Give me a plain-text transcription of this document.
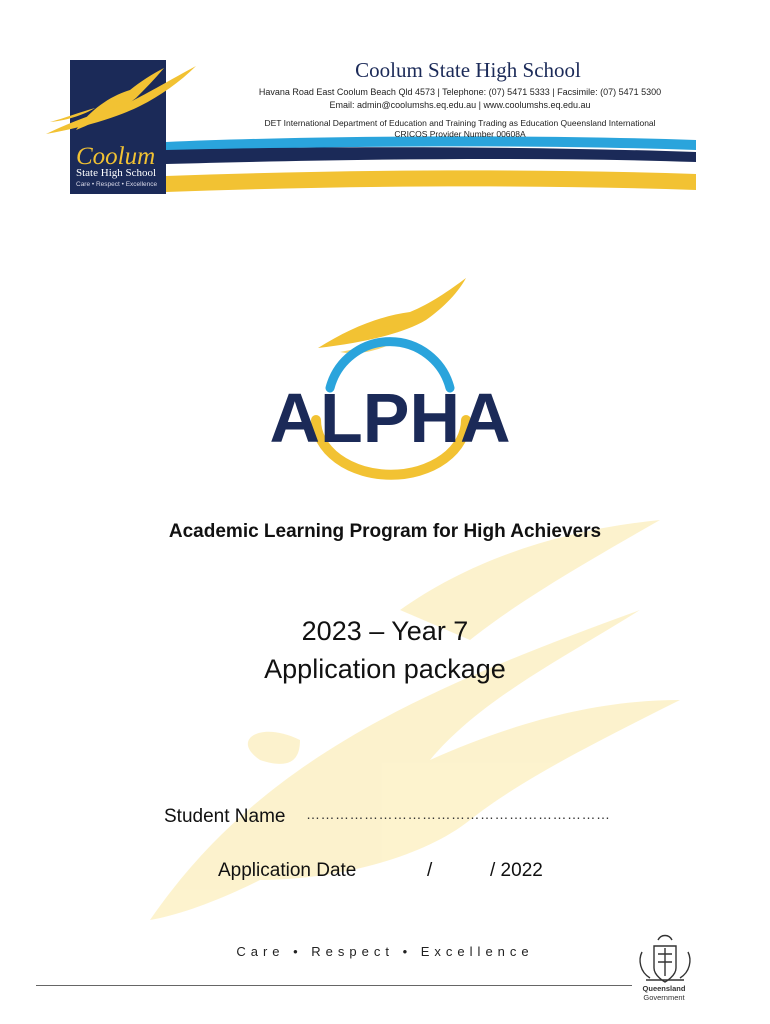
Coolum
State High School
Care • Respect • Excellence
Coolum State High School
Havana Road East Coolum Beach Qld 4573 | Telephone: (07) 5471 5333 | Facsimile: (07) 5471 5300
Email: admin@coolumshs.eq.edu.au | www.coolumshs.eq.edu.au
DET International Department of Education and Training Trading as Education Queensland International
CRICOS Provider Number 00608A
ALPHA
Academic Learning Program for High Achievers
2023 – Year 7
Application package
Student Name ………………………………………………………
Application Date	/	/ 2022
Care • Respect • Excellence
Queensland
Government
